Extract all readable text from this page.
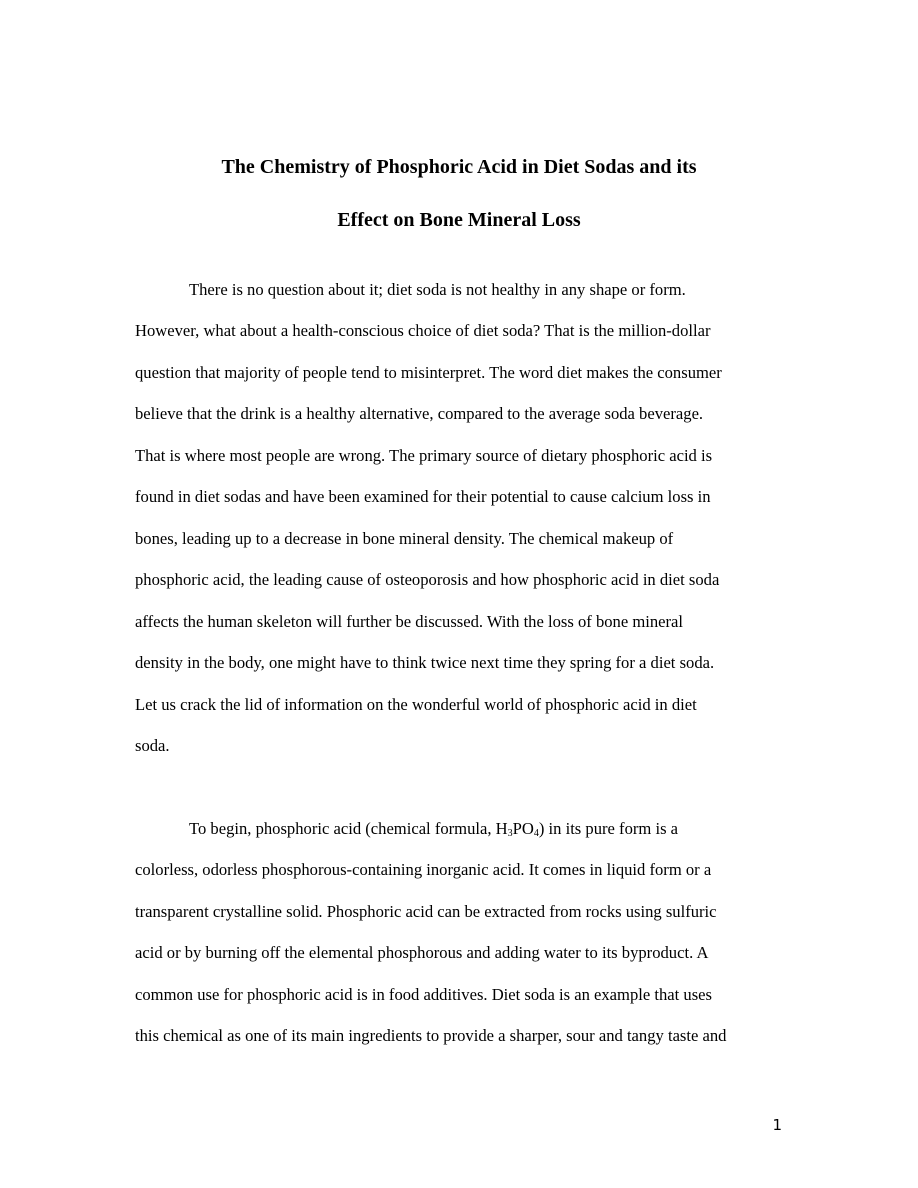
The Chemistry of Phosphoric Acid in Diet Sodas and its
Effect on Bone Mineral Loss
There is no question about it; diet soda is not healthy in any shape or form.
However, what about a health-conscious choice of diet soda? That is the million-dollar
question that majority of people tend to misinterpret. The word diet makes the consumer
believe that the drink is a healthy alternative, compared to the average soda beverage.
That is where most people are wrong. The primary source of dietary phosphoric acid is
found in diet sodas and have been examined for their potential to cause calcium loss in
bones, leading up to a decrease in bone mineral density. The chemical makeup of
phosphoric acid, the leading cause of osteoporosis and how phosphoric acid in diet soda
affects the human skeleton will further be discussed. With the loss of bone mineral
density in the body, one might have to think twice next time they spring for a diet soda.
Let us crack the lid of information on the wonderful world of phosphoric acid in diet
soda.
To begin, phosphoric acid (chemical formula, $H_3PO_4$) in its pure form is a
colorless, odorless phosphorous-containing inorganic acid. It comes in liquid form or a
transparent crystalline solid. Phosphoric acid can be extracted from rocks using sulfuric
acid or by burning off the elemental phosphorous and adding water to its byproduct. A
common use for phosphoric acid is in food additives. Diet soda is an example that uses
this chemical as one of its main ingredients to provide a sharper, sour and tangy taste and
1
